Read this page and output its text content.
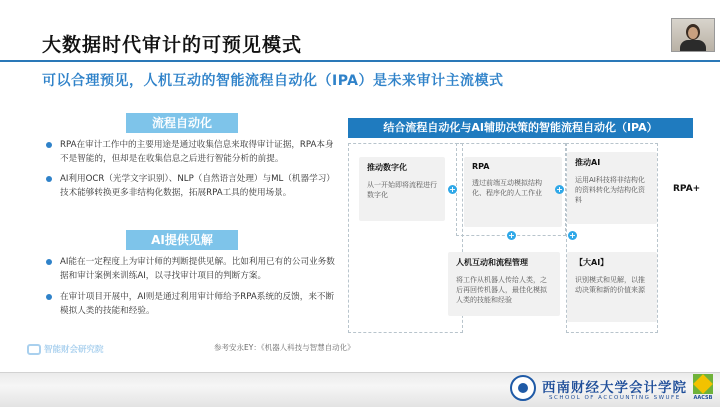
大数据时代审计的可预见模式
可以合理预见，人机互动的智能流程自动化（IPA）是未来审计主流模式
流程自动化
RPA在审计工作中的主要用途是通过收集信息来取得审计证据，RPA本身不是智能的，但却是在收集信息之后进行智能分析的前提。
AI利用OCR（光学文字识别）、NLP（自然语言处理）与ML（机器学习）技术能够转换更多非结构化数据，拓展RPA工具的使用场景。
AI提供见解
AI能在一定程度上为审计师的判断提供见解。比如利用已有的公司业务数据和审计案例来训练AI，以寻找审计项目的判断方案。
在审计项目开展中，AI则是通过利用审计师给予RPA系统的反馈，来不断模拟人类的技能和经验。
智能财会研究院	参考安永EY：《机器人科技与智慧自动化》
结合流程自动化与AI辅助决策的智能流程自动化（IPA）
推动数字化
从一开始即将流程进行数字化
RPA
透过前端互动模拟结构化、程序化的人工作业
推动AI
运用AI科技将非结构化的资料转化为结构化资料
人机互动和流程管理
将工作从机器人传给人类，之后再回传机器人，最佳化模拟人类的技能和经验
【大AI】
识别模式和见解，以推动决策和新的价值来源
+	+
+	+
RPA+
西南财经大学会计学院
SCHOOL OF ACCOUNTING SWUFE	AACSB
